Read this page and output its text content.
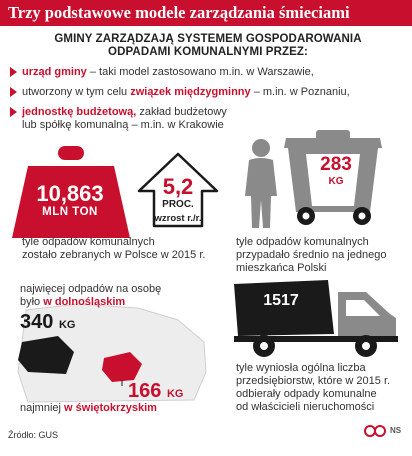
Trzy podstawowe modele zarządzania śmieciami
GMINY ZARZĄDZAJĄ SYSTEMEM GOSPODAROWANIA ODPADAMI KOMUNALNYMI PRZEZ:
urząd gminy – taki model zastosowano m.in. w Warszawie,
utworzony w tym celu związek międzygminny – m.in. w Poznaniu,
jednostkę budżetową, zakład budżetowy
lub spółkę komunalną – m.in. w Krakowie
10,863
MLN TON
5,2
PROC.
wzrost r./r.
tyle odpadów komunalnych
zostało zebranych w Polsce w 2015 r.
283
KG
tyle odpadów komunalnych
przypadało średnio na jednego
mieszkańca Polski
najwięcej odpadów na osobę
było w dolnośląskim
340 KG
166 KG
najmniej w świętokrzyskim
1517
tyle wyniosła ogólna liczba
przedsiębiorstw, które w 2015 r.
odbierały odpady komunalne
od właścicieli nieruchomości
Źródło: GUS	NS
